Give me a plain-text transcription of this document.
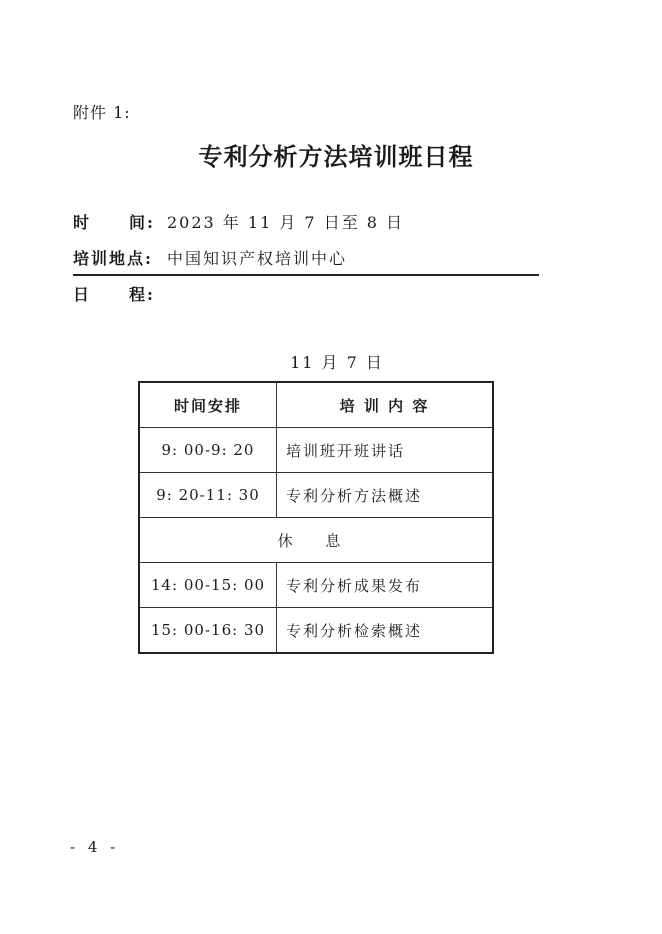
附件 1:
专利分析方法培训班日程
时 间: 2023 年 11 月 7 日至 8 日
培训地点: 中国知识产权培训中心
日 程:
11 月 7 日
时间安排	培 训 内 容
9: 00-9: 20	培训班开班讲话
9: 20-11: 30	专利分析方法概述
休 息	
14: 00-15: 00	专利分析成果发布
15: 00-16: 30	专利分析检索概述
- 4 -
